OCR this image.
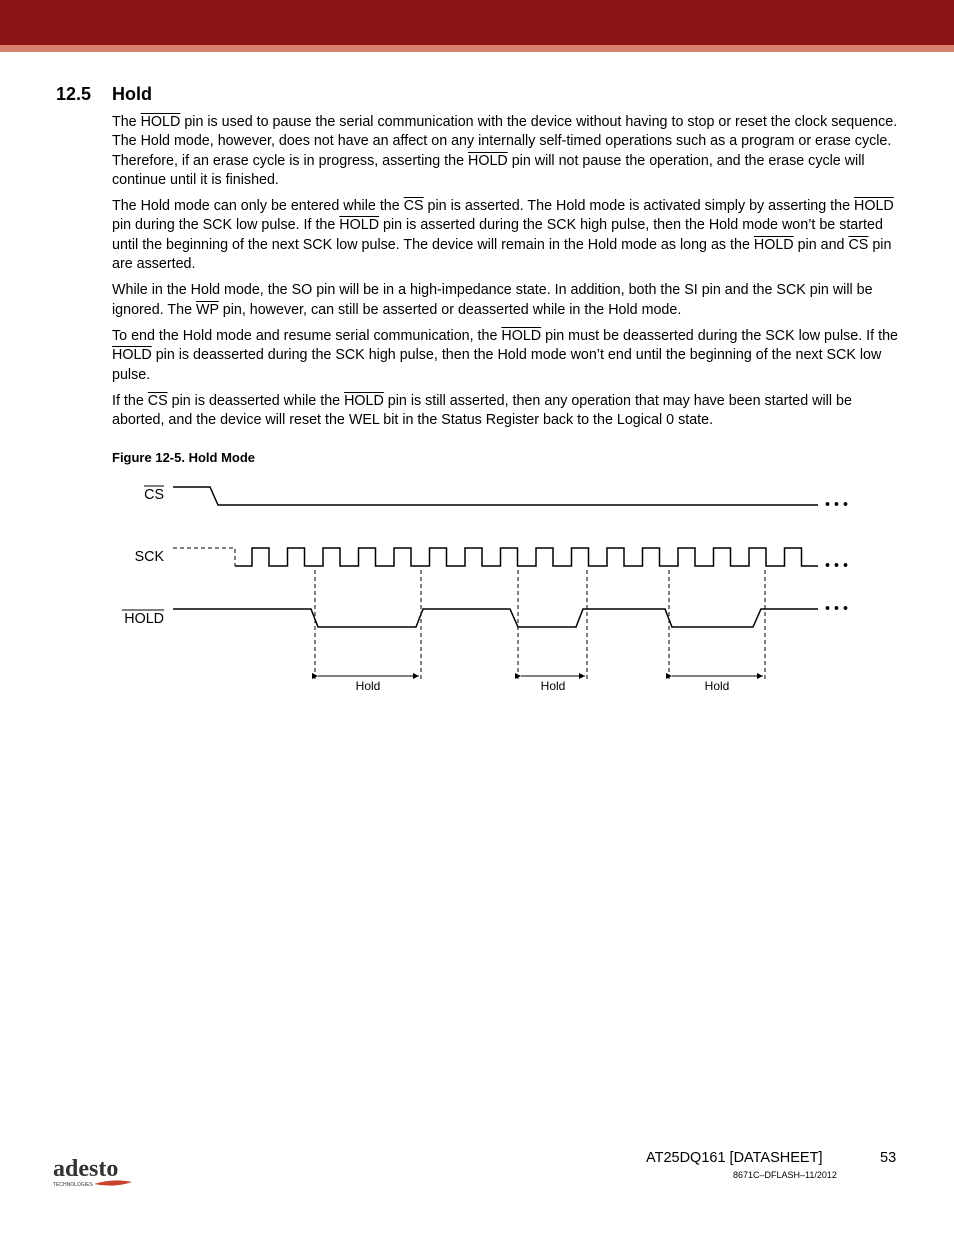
12.5 Hold

The HOLD pin is used to pause the serial communication with the device without having to stop or reset the clock sequence. The Hold mode, however, does not have an affect on any internally self-timed operations such as a program or erase cycle. Therefore, if an erase cycle is in progress, asserting the HOLD pin will not pause the operation, and the erase cycle will continue until it is finished.

The Hold mode can only be entered while the $\overline{CS}$ pin is asserted. The Hold mode is activated simply by asserting the HOLD pin during the SCK low pulse. If the HOLD pin is asserted during the SCK high pulse, then the Hold mode won’t be started until the beginning of the next SCK low pulse. The device will remain in the Hold mode as long as the HOLD pin and $\overline{CS}$ pin are asserted.

While in the Hold mode, the SO pin will be in a high-impedance state. In addition, both the SI pin and the SCK pin will be ignored. The $\overline{WP}$ pin, however, can still be asserted or deasserted while in the Hold mode.

To end the Hold mode and resume serial communication, the HOLD pin must be deasserted during the SCK low pulse. If the HOLD pin is deasserted during the SCK high pulse, then the Hold mode won’t end until the beginning of the next SCK low pulse.

If the $\overline{CS}$ pin is deasserted while the HOLD pin is still asserted, then any operation that may have been started will be aborted, and the device will reset the WEL bit in the Status Register back to the Logical 0 state.

Figure 12-5. Hold Mode
CS
SCK
HOLD
• • •
• • •
• • •
Hold	Hold	Hold
adesto
TECHNOLOGIES
AT25DQ161 [DATASHEET]	53
8671C–DFLASH–11/2012
